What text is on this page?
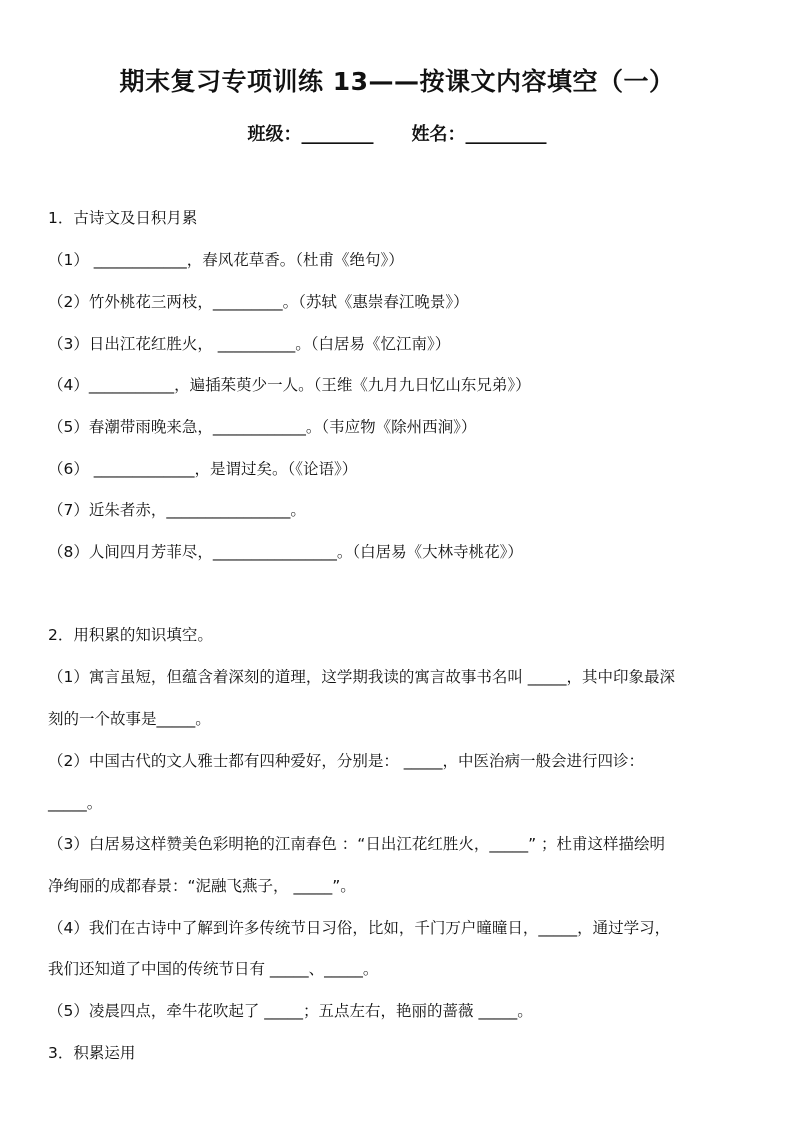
期末复习专项训练 13——按课文内容填空（一）
班级：________ 姓名：_________
1．古诗文及日积月累
（1） ____________，春风花草香。（杜甫《绝句》）
（2）竹外桃花三两枝，_________。（苏轼《惠崇春江晚景》）
（3）日出江花红胜火， __________。（白居易《忆江南》）
（4）___________，遍插茱萸少一人。（王维《九月九日忆山东兄弟》）
（5）春潮带雨晚来急，____________。（韦应物《除州西涧》）
（6） _____________，是谓过矣。（《论语》）
（7）近朱者赤，________________。
（8）人间四月芳菲尽，________________。（白居易《大林寺桃花》）
2．用积累的知识填空。
（1）寓言虽短，但蕴含着深刻的道理，这学期我读的寓言故事书名叫 _____，其中印象最深
刻的一个故事是_____。
（2）中国古代的文人雅士都有四种爱好，分别是： _____，中医治病一般会进行四诊：
_____。
（3）白居易这样赞美色彩明艳的江南春色 ：“日出江花红胜火，_____” ；杜甫这样描绘明
净绚丽的成都春景：“泥融飞燕子， _____”。
（4）我们在古诗中了解到许多传统节日习俗，比如，千门万户曈曈日，_____，通过学习，
我们还知道了中国的传统节日有 _____、_____。
（5）凌晨四点，牵牛花吹起了 _____；五点左右，艳丽的蔷薇 _____。
3．积累运用
